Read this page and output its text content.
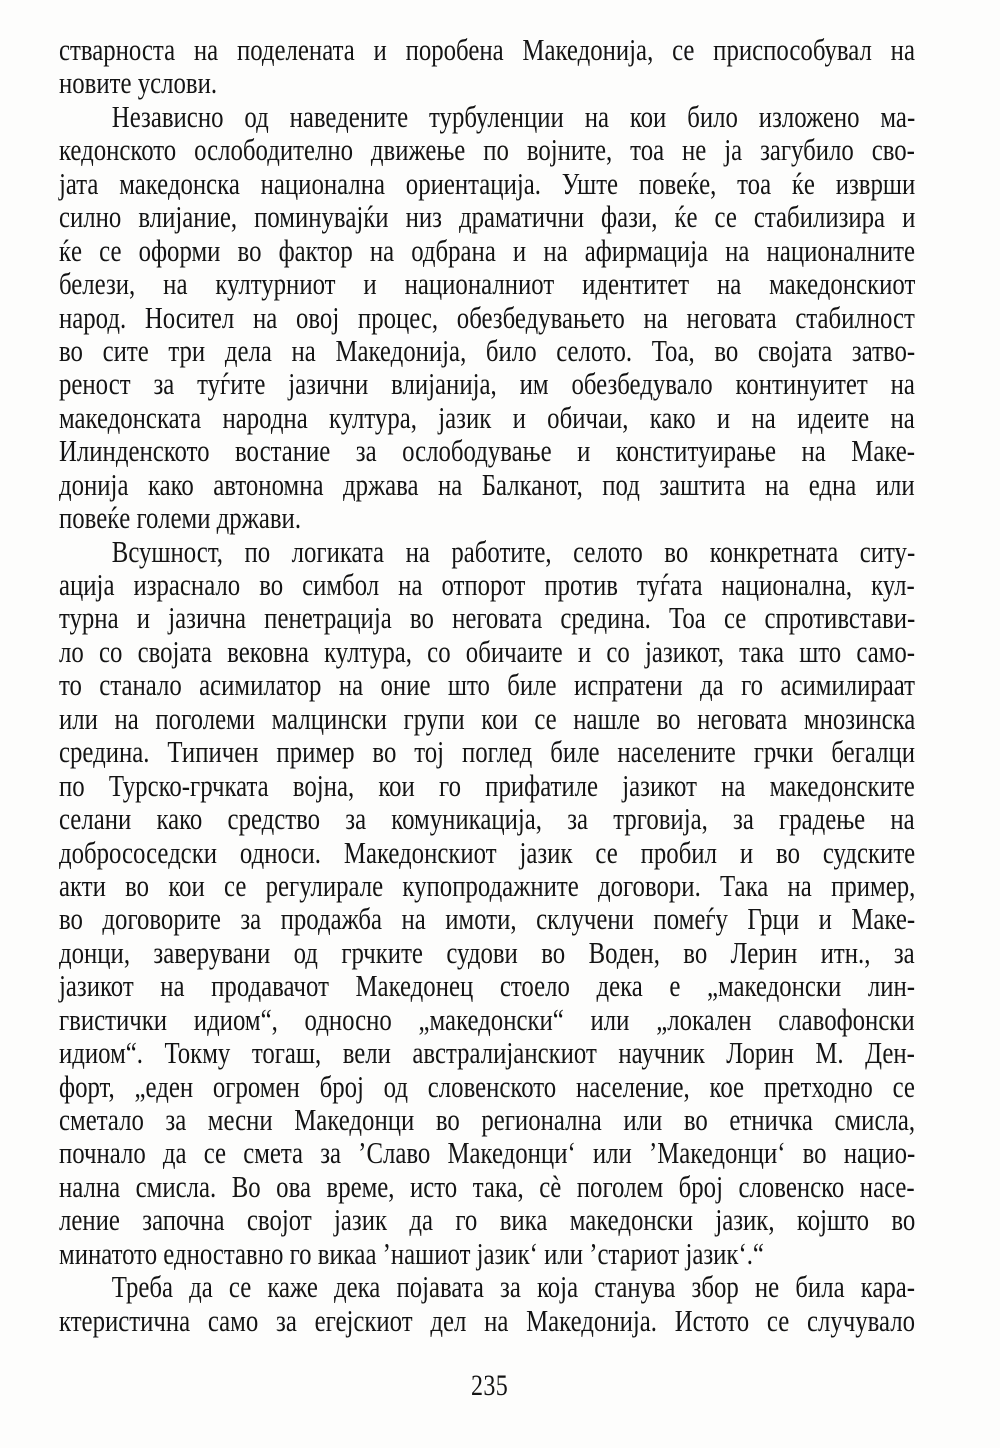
стварноста на поделената и поробена Македонија, се приспособувал на
новите услови.
Независно од наведените турбуленции на кои било изложено ма-
кедонското ослободително движење по војните, тоа не ја загубило сво-
јата македонска национална ориентација. Уште повеќе, тоа ќе изврши
силно влијание, поминувајќи низ драматични фази, ќе се стабилизира и
ќе се оформи во фактор на одбрана и на афирмација на националните
белези, на културниот и националниот идентитет на македонскиот
народ. Носител на овој процес, обезбедувањето на неговата стабилност
во сите три дела на Македонија, било селото. Тоа, во својата затво-
реност за туѓите јазични влијанија, им обезбедувало континуитет на
македонската народна култура, јазик и обичаи, како и на идеите на
Илинденското востание за ослободување и конституирање на Маке-
донија како автономна држава на Балканот, под заштита на една или
повеќе големи држави.
Всушност, по логиката на работите, селото во конкретната ситу-
ација израснало во симбол на отпорот против туѓата национална, кул-
турна и јазична пенетрација во неговата средина. Тоа се спротивстави-
ло со својата вековна култура, со обичаите и со јазикот, така што само-
то станало асимилатор на оние што биле испратени да го асимилираат
или на поголеми малцински групи кои се нашле во неговата мнозинска
средина. Типичен пример во тој поглед биле населените грчки бегалци
по Турско-грчката војна, кои го прифатиле јазикот на македонските
селани како средство за комуникација, за трговија, за градење на
добрососедски односи. Македонскиот јазик се пробил и во судските
акти во кои се регулирале купопродажните договори. Така на пример,
во договорите за продажба на имоти, склучени помеѓу Грци и Маке-
донци, заверувани од грчките судови во Воден, во Лерин итн., за
јазикот на продавачот Македонец стоело дека е „македонски лин-
гвистички идиом“, односно „македонски“ или „локален славофонски
идиом“. Токму тогаш, вели австралијанскиот научник Лорин М. Ден-
форт, „еден огромен број од словенското население, кое претходно се
сметало за месни Македонци во регионална или во етничка смисла,
почнало да се смета за ’Славо Македонци‘ или ’Македонци‘ во нацио-
нална смисла. Во ова време, исто така, сѐ поголем број словенско насе-
ление започна својот јазик да го вика македонски јазик, којшто во
минатото едноставно го викаа ’нашиот јазик‘ или ’стариот јазик‘.“
Треба да се каже дека појавата за која станува збор не била кара-
ктеристична само за егејскиот дел на Македонија. Истото се случувало
235
